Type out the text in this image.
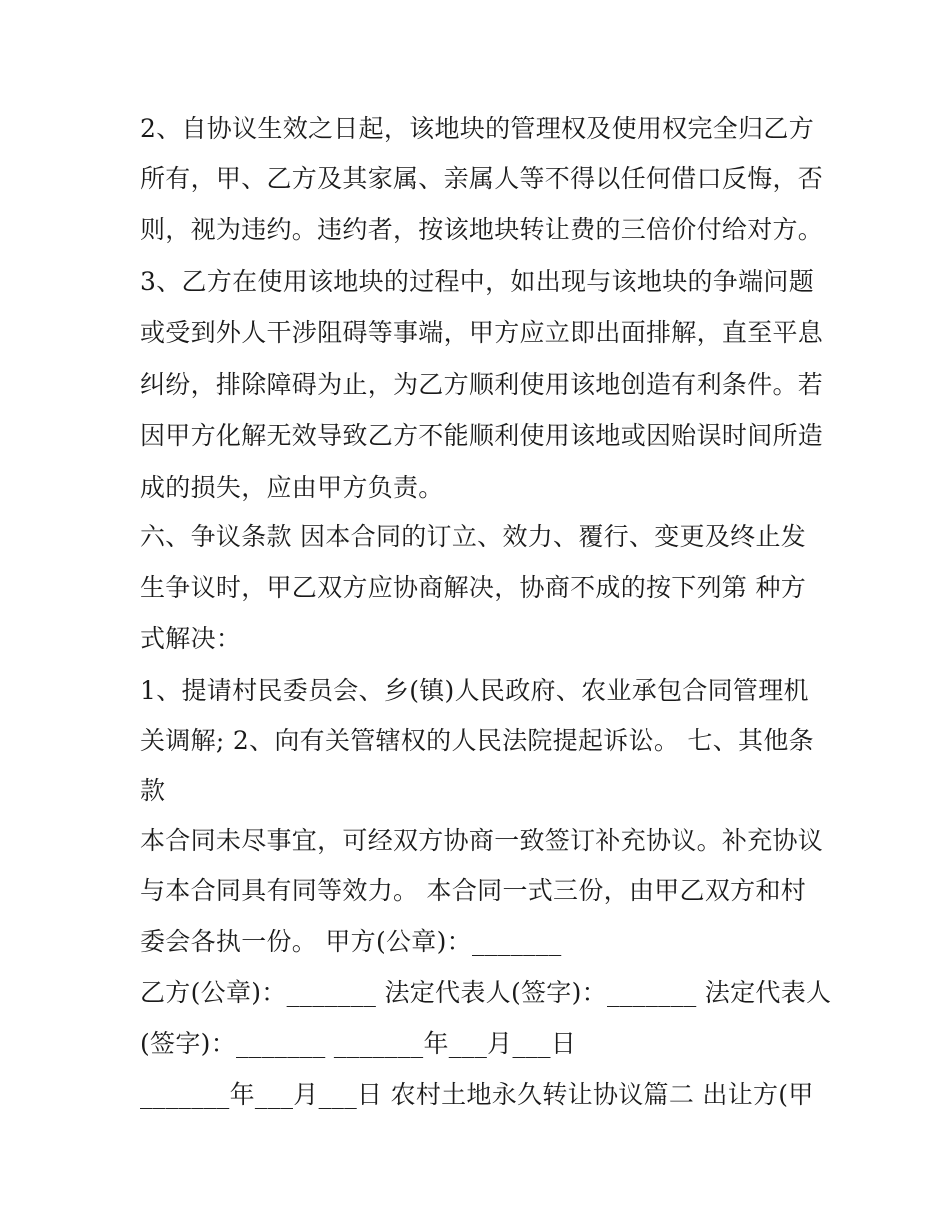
2、自协议生效之日起，该地块的管理权及使用权完全归乙方
所有，甲、乙方及其家属、亲属人等不得以任何借口反悔，否
则，视为违约。违约者，按该地块转让费的三倍价付给对方。
3、乙方在使用该地块的过程中，如出现与该地块的争端问题
或受到外人干涉阻碍等事端，甲方应立即出面排解，直至平息
纠纷，排除障碍为止，为乙方顺利使用该地创造有利条件。若
因甲方化解无效导致乙方不能顺利使用该地或因贻误时间所造
成的损失，应由甲方负责。
六、争议条款 因本合同的订立、效力、覆行、变更及终止发
生争议时，甲乙双方应协商解决，协商不成的按下列第 种方
式解决：
1、提请村民委员会、乡(镇)人民政府、农业承包合同管理机
关调解; 2、向有关管辖权的人民法院提起诉讼。 七、其他条
款
本合同未尽事宜，可经双方协商一致签订补充协议。补充协议
与本合同具有同等效力。 本合同一式三份，由甲乙双方和村
委会各执一份。 甲方(公章)：_______
乙方(公章)：_______ 法定代表人(签字)：_______ 法定代表人
(签字)：_______ _______年___月___日
_______年___月___日 农村土地永久转让协议篇二 出让方(甲
